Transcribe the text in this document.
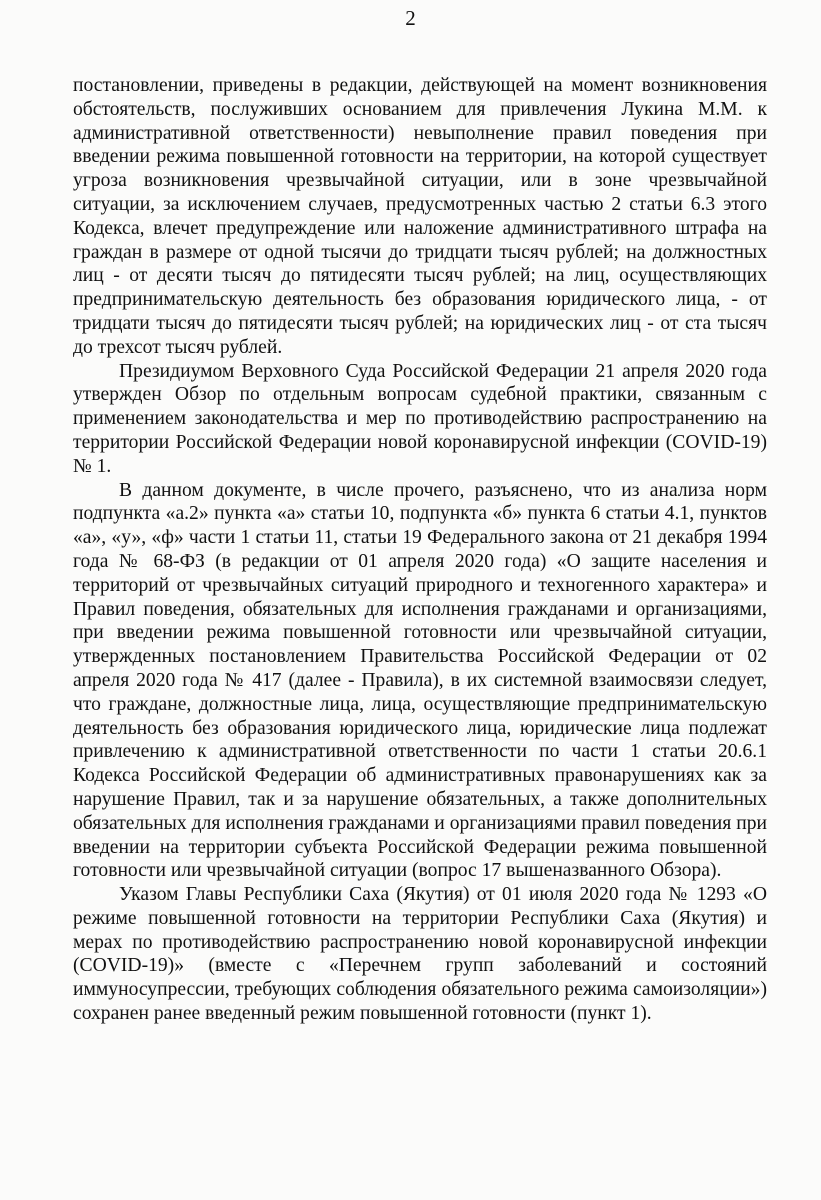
2

постановлении, приведены в редакции, действующей на момент возникновения обстоятельств, послуживших основанием для привлечения Лукина М.М. к административной ответственности) невыполнение правил поведения при введении режима повышенной готовности на территории, на которой существует угроза возникновения чрезвычайной ситуации, или в зоне чрезвычайной ситуации, за исключением случаев, предусмотренных частью 2 статьи 6.3 этого Кодекса, влечет предупреждение или наложение административного штрафа на граждан в размере от одной тысячи до тридцати тысяч рублей; на должностных лиц - от десяти тысяч до пятидесяти тысяч рублей; на лиц, осуществляющих предпринимательскую деятельность без образования юридического лица, - от тридцати тысяч до пятидесяти тысяч рублей; на юридических лиц - от ста тысяч до трехсот тысяч рублей.

Президиумом Верховного Суда Российской Федерации 21 апреля 2020 года утвержден Обзор по отдельным вопросам судебной практики, связанным с применением законодательства и мер по противодействию распространению на территории Российской Федерации новой коронавирусной инфекции (COVID-19) № 1.

В данном документе, в числе прочего, разъяснено, что из анализа норм подпункта «а.2» пункта «а» статьи 10, подпункта «б» пункта 6 статьи 4.1, пунктов «а», «у», «ф» части 1 статьи 11, статьи 19 Федерального закона от 21 декабря 1994 года № 68-ФЗ (в редакции от 01 апреля 2020 года) «О защите населения и территорий от чрезвычайных ситуаций природного и техногенного характера» и Правил поведения, обязательных для исполнения гражданами и организациями, при введении режима повышенной готовности или чрезвычайной ситуации, утвержденных постановлением Правительства Российской Федерации от 02 апреля 2020 года № 417 (далее - Правила), в их системной взаимосвязи следует, что граждане, должностные лица, лица, осуществляющие предпринимательскую деятельность без образования юридического лица, юридические лица подлежат привлечению к административной ответственности по части 1 статьи 20.6.1 Кодекса Российской Федерации об административных правонарушениях как за нарушение Правил, так и за нарушение обязательных, а также дополнительных обязательных для исполнения гражданами и организациями правил поведения при введении на территории субъекта Российской Федерации режима повышенной готовности или чрезвычайной ситуации (вопрос 17 вышеназванного Обзора).

Указом Главы Республики Саха (Якутия) от 01 июля 2020 года № 1293 «О режиме повышенной готовности на территории Республики Саха (Якутия) и мерах по противодействию распространению новой коронавирусной инфекции (COVID-19)» (вместе с «Перечнем групп заболеваний и состояний иммуносупрессии, требующих соблюдения обязательного режима самоизоляции») сохранен ранее введенный режим повышенной готовности (пункт 1).
